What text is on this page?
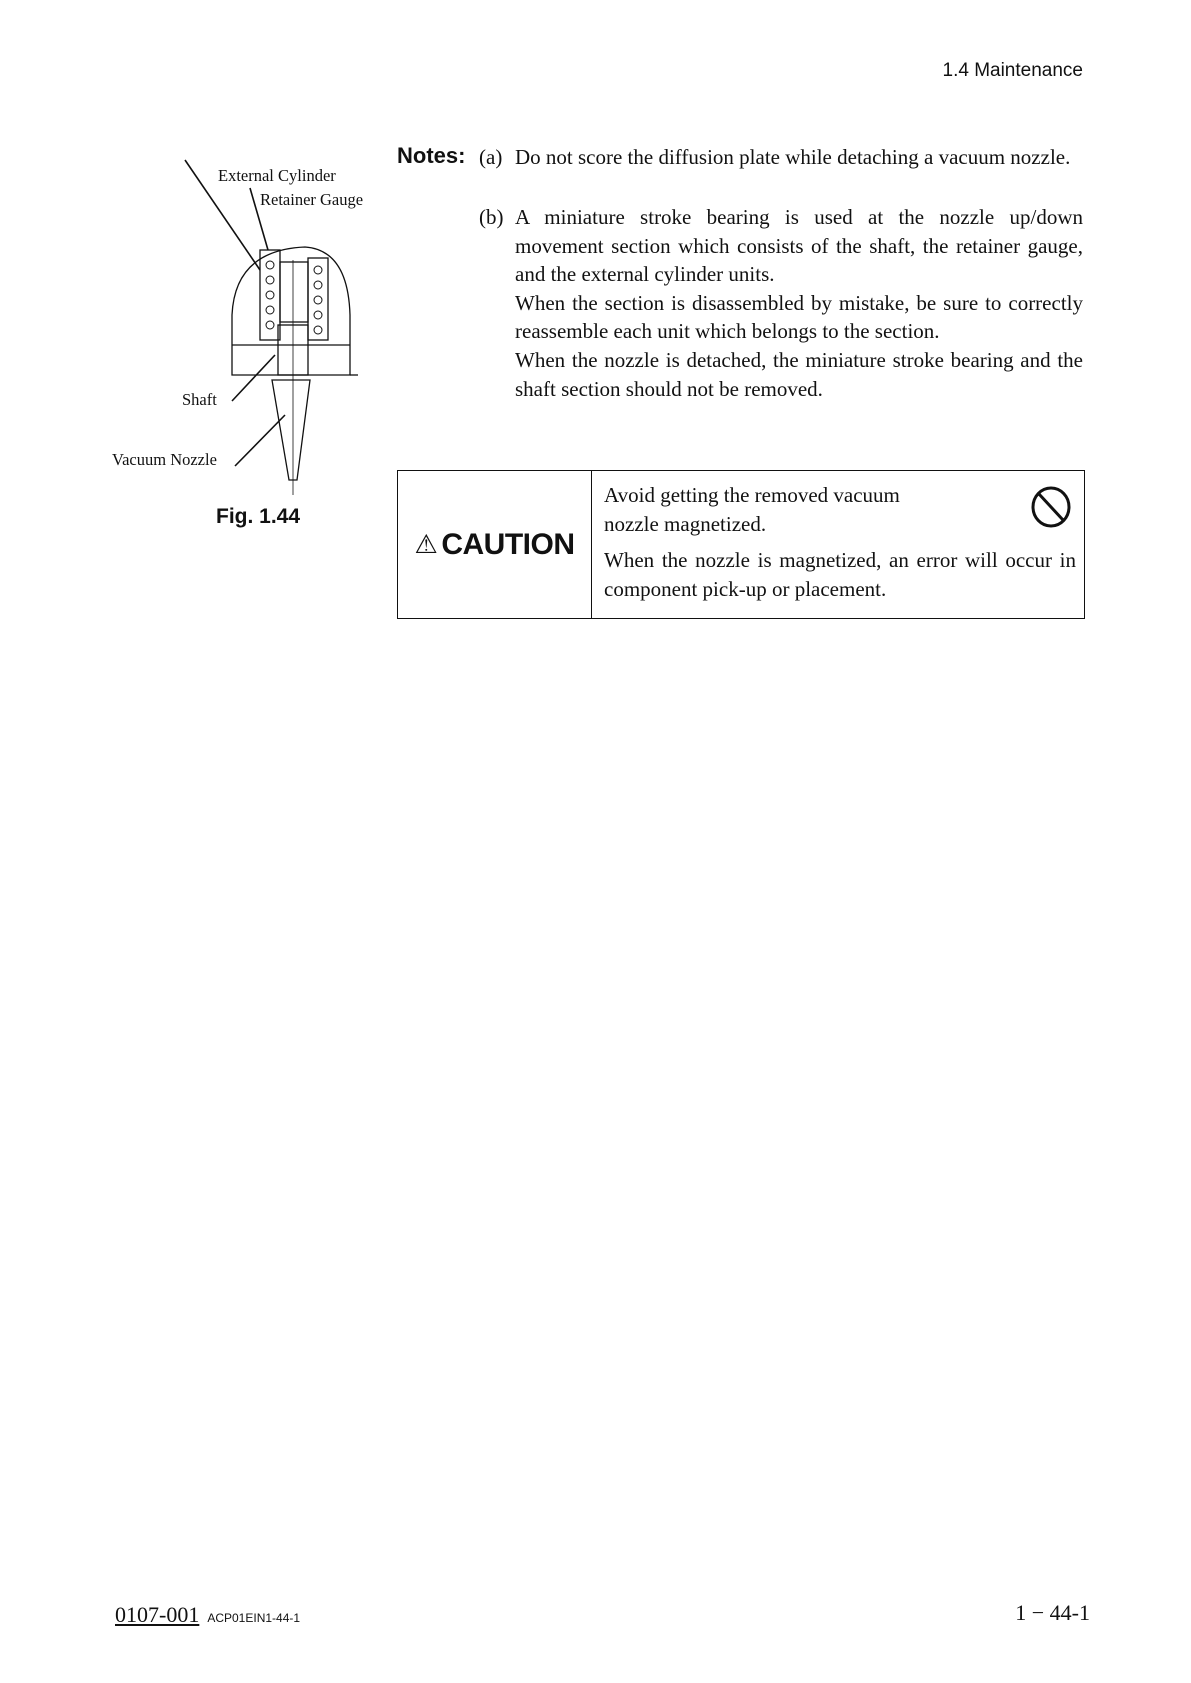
1.4 Maintenance
Notes: (a) Do not score the diffusion plate while detaching a vacuum nozzle.

(b) A miniature stroke bearing is used at the nozzle up/down movement section which consists of the shaft, the retainer gauge, and the external cylinder units.

When the section is disassembled by mistake, be sure to correctly reassemble each unit which belongs to the section.

When the nozzle is detached, the miniature stroke bearing and the shaft section should not be removed.

External Cylinder
Retainer Gauge
Shaft
Vacuum Nozzle
Fig. 1.44
⚠ CAUTION

Avoid getting the removed vacuum nozzle magnetized.

When the nozzle is magnetized, an error will occur in component pick-up or placement.

0107-001 ACP01EIN1-44-1	1 − 44-1
